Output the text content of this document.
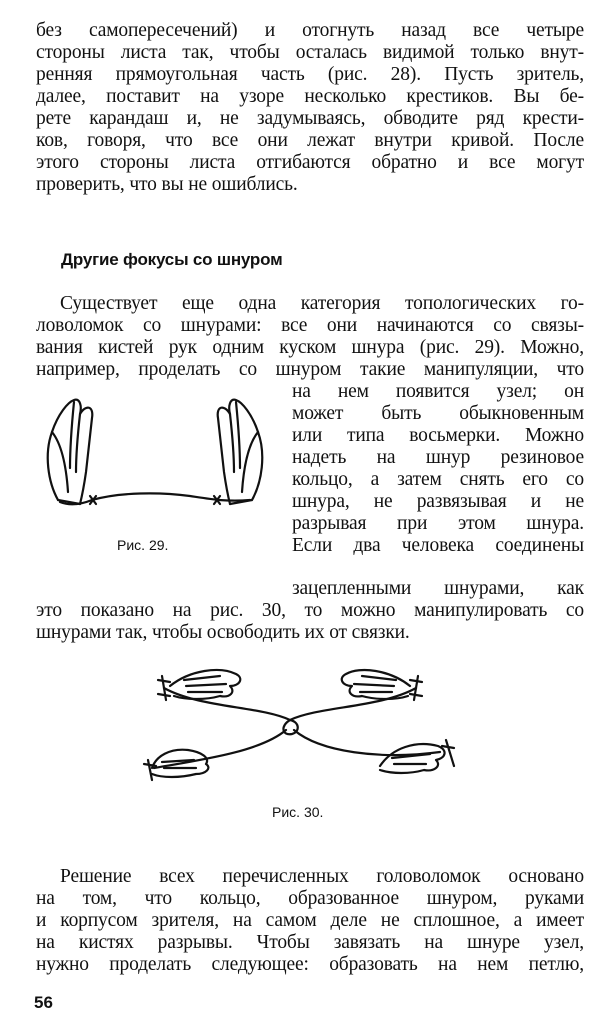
без самопересечений) и отогнуть назад все четыре
стороны листа так, чтобы осталась видимой только внут-
ренняя прямоугольная часть (рис. 28). Пусть зритель,
далее, поставит на узоре несколько крестиков. Вы бе-
рете карандаш и, не задумываясь, обводите ряд крести-
ков, говоря, что все они лежат внутри кривой. После
этого стороны листа отгибаются обратно и все могут
проверить, что вы не ошиблись.

Другие фокусы со шнуром

Существует еще одна категория топологических го-
ловоломок со шнурами: все они начинаются со связы-
вания кистей рук одним куском шнура (рис. 29). Можно,
например, проделать со шнуром такие манипуляции, что

на нем появится узел; он
может быть обыкновенным
или типа восьмерки. Можно
надеть на шнур резиновое
кольцо, а затем снять его со
шнура, не развязывая и не
разрывая при этом шнура.
Если два человека соединены

Рис. 29.

зацепленными шнурами, как

это показано на рис. 30, то можно манипулировать со
шнурами так, чтобы освободить их от связки.

Рис. 30.

Решение всех перечисленных головоломок основано
на том, что кольцо, образованное шнуром, руками
и корпусом зрителя, на самом деле не сплошное, а имеет
на кистях разрывы. Чтобы завязать на шнуре узел,
нужно проделать следующее: образовать на нем петлю,

56
